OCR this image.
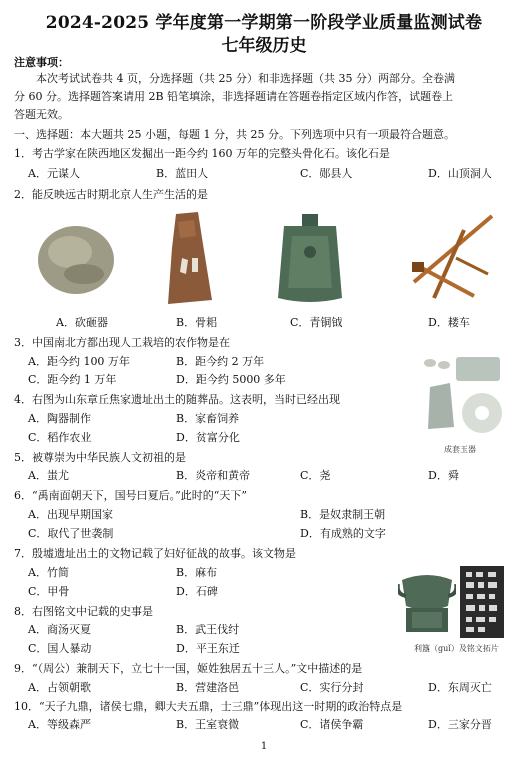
2024-2025 学年度第一学期第一阶段学业质量监测试卷
七年级历史
注意事项：
本次考试试卷共 4 页，分选择题（共 25 分）和非选择题（共 35 分）两部分。全卷满
分 60 分。选择题答案请用 2B 铅笔填涂，非选择题请在答题卷指定区域内作答，试题卷上
答题无效。
一、选择题：本大题共 25 小题，每题 1 分，共 25 分。下列选项中只有一项最符合题意。
1．考古学家在陕西地区发掘出一距今约 160 万年的完整头骨化石。该化石是
A．元谋人	B．蓝田人	C．郧县人	D．山顶洞人
2．能反映远古时期北京人生产生活的是
A．砍砸器	B．骨耜	C．青铜钺	D．耧车
3．中国南北方都出现人工栽培的农作物是在
A．距今约 100 万年	B．距今约 2 万年
C．距今约 1 万年	D．距今约 5000 多年
成套玉器
4．右图为山东章丘焦家遗址出土的随葬品。这表明，当时已经出现
A．陶器制作	B．家畜饲养
C．稻作农业	D．贫富分化
5．被尊崇为中华民族人文初祖的是
A．蚩尤	B．炎帝和黄帝	C．尧	D．舜
6．“禹南面朝天下，国号曰夏后。”此时的“天下”
A．出现早期国家	B．是奴隶制王朝
C．取代了世袭制	D．有成熟的文字
7．殷墟遗址出土的文物记载了妇好征战的故事。该文物是
A．竹简	B．麻布
C．甲骨	D．石碑
利簋（guǐ）及铭文拓片
8．右图铭文中记载的史事是
A．商汤灭夏	B．武王伐纣
C．国人暴动	D．平王东迁
9．“（周公）兼制天下，立七十一国，姬姓独居五十三人。”文中描述的是
A．占领朝歌	B．营建洛邑	C．实行分封	D．东周灭亡
10．“天子九鼎，诸侯七鼎，卿大夫五鼎，士三鼎”体现出这一时期的政治特点是
A．等级森严	B．王室衰微	C．诸侯争霸	D．三家分晋
1
